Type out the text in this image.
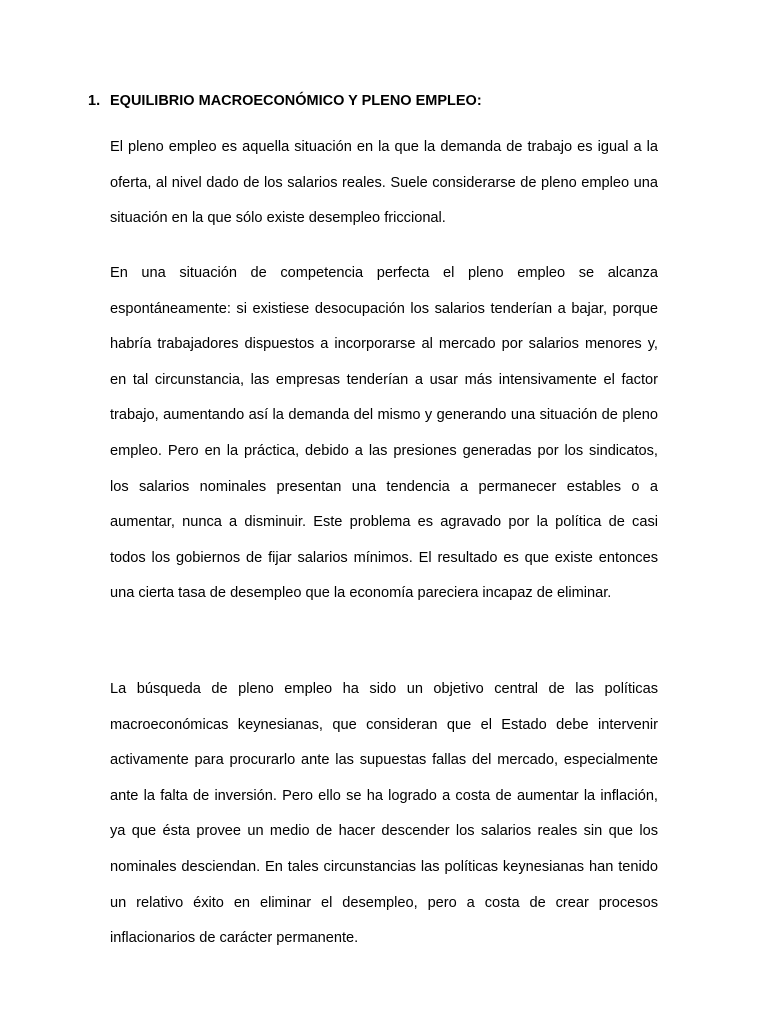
1. EQUILIBRIO MACROECONÓMICO Y PLENO EMPLEO:

El pleno empleo es aquella situación en la que la demanda de trabajo es igual a la oferta, al nivel dado de los salarios reales. Suele considerarse de pleno empleo una situación en la que sólo existe desempleo friccional.

En una situación de competencia perfecta el pleno empleo se alcanza espontáneamente: si existiese desocupación los salarios tenderían a bajar, porque habría trabajadores dispuestos a incorporarse al mercado por salarios menores y, en tal circunstancia, las empresas tenderían a usar más intensivamente el factor trabajo, aumentando así la demanda del mismo y generando una situación de pleno empleo. Pero en la práctica, debido a las presiones generadas por los sindicatos, los salarios nominales presentan una tendencia a permanecer estables o a aumentar, nunca a disminuir. Este problema es agravado por la política de casi todos los gobiernos de fijar salarios mínimos. El resultado es que existe entonces una cierta tasa de desempleo que la economía pareciera incapaz de eliminar.

La búsqueda de pleno empleo ha sido un objetivo central de las políticas macroeconómicas keynesianas, que consideran que el Estado debe intervenir activamente para procurarlo ante las supuestas fallas del mercado, especialmente ante la falta de inversión. Pero ello se ha logrado a costa de aumentar la inflación, ya que ésta provee un medio de hacer descender los salarios reales sin que los nominales desciendan. En tales circunstancias las políticas keynesianas han tenido un relativo éxito en eliminar el desempleo, pero a costa de crear procesos inflacionarios de carácter permanente.
